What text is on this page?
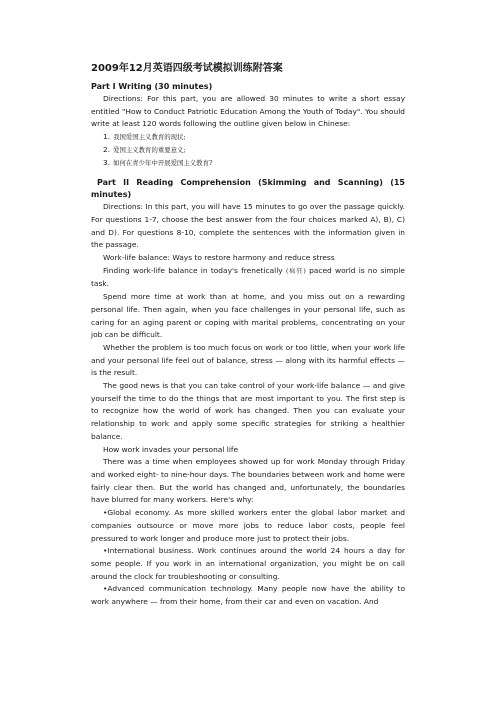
2009年12月英语四级考试模拟训练附答案
Part I Writing (30 minutes)
Directions: For this part, you are allowed 30 minutes to write a short essay entitled "How to Conduct Patriotic Education Among the Youth of Today". You should write at least 120 words following the outline given below in Chinese:
1. 我国爱国主义教育的现状;
2. 爱国主义教育的重要意义;
3. 如何在青少年中开展爱国主义教育?
Part II Reading Comprehension (Skimming and Scanning) (15 minutes)
Directions: In this part, you will have 15 minutes to go over the passage quickly. For questions 1-7, choose the best answer from the four choices marked A), B), C) and D). For questions 8-10, complete the sentences with the information given in the passage.
Work-life balance: Ways to restore harmony and reduce stress
Finding work-life balance in today's frenetically (疯狂) paced world is no simple task.
Spend more time at work than at home, and you miss out on a rewarding personal life. Then again, when you face challenges in your personal life, such as caring for an aging parent or coping with marital problems, concentrating on your job can be difficult.
Whether the problem is too much focus on work or too little, when your work life and your personal life feel out of balance, stress — along with its harmful effects — is the result.
The good news is that you can take control of your work-life balance — and give yourself the time to do the things that are most important to you. The first step is to recognize how the world of work has changed. Then you can evaluate your relationship to work and apply some specific strategies for striking a healthier balance.
How work invades your personal life
There was a time when employees showed up for work Monday through Friday and worked eight- to nine-hour days. The boundaries between work and home were fairly clear then. But the world has changed and, unfortunately, the boundaries have blurred for many workers. Here's why:
•Global economy. As more skilled workers enter the global labor market and companies outsource or move more jobs to reduce labor costs, people feel pressured to work longer and produce more just to protect their jobs.
•International business. Work continues around the world 24 hours a day for some people. If you work in an international organization, you might be on call around the clock for troubleshooting or consulting.
•Advanced communication technology. Many people now have the ability to work anywhere — from their home, from their car and even on vacation. And
